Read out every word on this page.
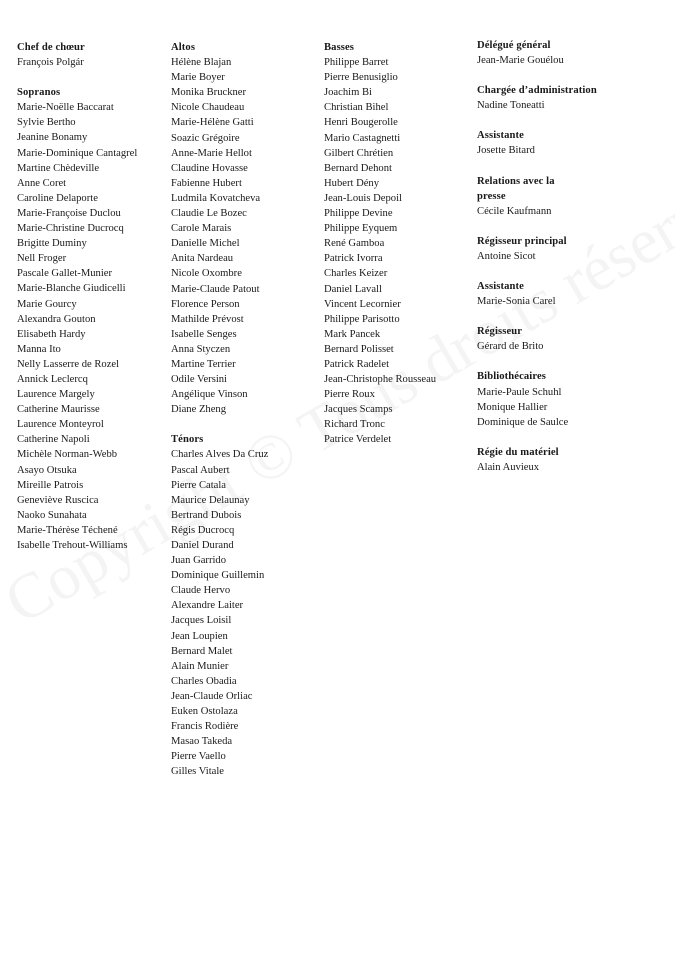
Chef de chœur
François Polgár
Sopranos
Marie-Noëlle Baccarat
Sylvie Bertho
Jeanine Bonamy
Marie-Dominique Cantagrel
Martine Chèdeville
Anne Coret
Caroline Delaporte
Marie-Françoise Duclou
Marie-Christine Ducrocq
Brigitte Duminy
Nell Froger
Pascale Gallet-Munier
Marie-Blanche Giudicelli
Marie Gourcy
Alexandra Gouton
Elisabeth Hardy
Manna Ito
Nelly Lasserre de Rozel
Annick Leclercq
Laurence Margely
Catherine Maurisse
Laurence Monteyrol
Catherine Napoli
Michèle Norman-Webb
Asayo Otsuka
Mireille Patrois
Geneviève Ruscica
Naoko Sunahata
Marie-Thérèse Téchené
Isabelle Trehout-Williams
Altos
Hélène Blajan
Marie Boyer
Monika Bruckner
Nicole Chaudeau
Marie-Hélène Gatti
Soazic Grégoire
Anne-Marie Hellot
Claudine Hovasse
Fabienne Hubert
Ludmila Kovatcheva
Claudie Le Bozec
Carole Marais
Danielle Michel
Anita Nardeau
Nicole Oxombre
Marie-Claude Patout
Florence Person
Mathilde Prévost
Isabelle Senges
Anna Styczen
Martine Terrier
Odile Versini
Angélique Vinson
Diane Zheng
Ténors
Charles Alves Da Cruz
Pascal Aubert
Pierre Catala
Maurice Delaunay
Bertrand Dubois
Régis Ducrocq
Daniel Durand
Juan Garrido
Dominique Guillemin
Claude Hervo
Alexandre Laiter
Jacques Loisil
Jean Loupien
Bernard Malet
Alain Munier
Charles Obadia
Jean-Claude Orliac
Euken Ostolaza
Francis Rodière
Masao Takeda
Pierre Vaello
Gilles Vitale
Basses
Philippe Barret
Pierre Benusiglio
Joachim Bi
Christian Bihel
Henri Bougerolle
Mario Castagnetti
Gilbert Chrétien
Bernard Dehont
Hubert Dény
Jean-Louis Depoil
Philippe Devine
Philippe Eyquem
René Gamboa
Patrick Ivorra
Charles Keizer
Daniel Lavall
Vincent Lecornier
Philippe Parisotto
Mark Pancek
Bernard Polisset
Patrick Radelet
Jean-Christophe Rousseau
Pierre Roux
Jacques Scamps
Richard Tronc
Patrice Verdelet
Délégué général
Jean-Marie Gouélou
Chargée d’administration
Nadine Toneatti
Assistante
Josette Bitard
Relations avec la presse
Cécile Kaufmann
Régisseur principal
Antoine Sicot
Assistante
Marie-Sonia Carel
Régisseur
Gérard de Brito
Bibliothécaires
Marie-Paule Schuhl
Monique Hallier
Dominique de Saulce
Régie du matériel
Alain Auvieux
